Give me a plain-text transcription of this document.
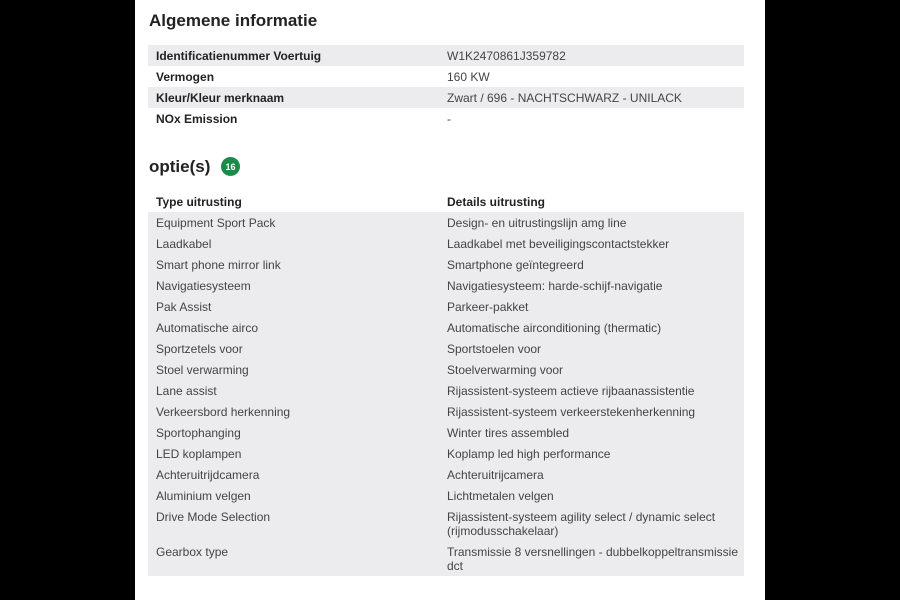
Algemene informatie
Identificatienummer Voertuig	W1K2470861J359782
Vermogen	160 KW
Kleur/Kleur merknaam	Zwart / 696 - NACHTSCHWARZ - UNILACK
NOx Emission	-
optie(s)	16
Type uitrusting	Details uitrusting
Equipment Sport Pack	Design- en uitrustingslijn amg line
Laadkabel	Laadkabel met beveiligingscontactstekker
Smart phone mirror link	Smartphone geïntegreerd
Navigatiesysteem	Navigatiesysteem: harde-schijf-navigatie
Pak Assist	Parkeer-pakket
Automatische airco	Automatische airconditioning (thermatic)
Sportzetels voor	Sportstoelen voor
Stoel verwarming	Stoelverwarming voor
Lane assist	Rijassistent-systeem actieve rijbaanassistentie
Verkeersbord herkenning	Rijassistent-systeem verkeerstekenherkenning
Sportophanging	Winter tires assembled
LED koplampen	Koplamp led high performance
Achteruitrijdcamera	Achteruitrijcamera
Aluminium velgen	Lichtmetalen velgen
Drive Mode Selection	Rijassistent-systeem agility select / dynamic select (rijmodusschakelaar)
Gearbox type	Transmissie 8 versnellingen - dubbelkoppeltransmissie dct
